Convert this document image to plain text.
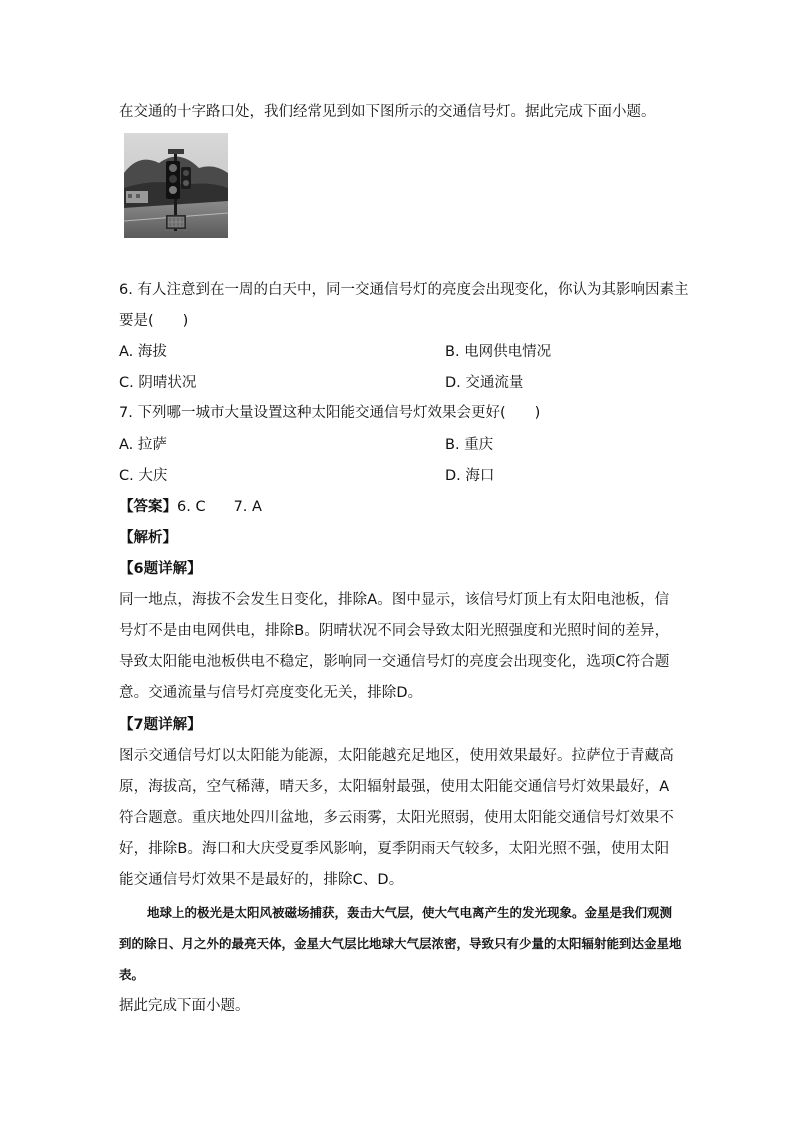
在交通的十字路口处，我们经常见到如下图所示的交通信号灯。据此完成下面小题。
6. 有人注意到在一周的白天中，同一交通信号灯的亮度会出现变化，你认为其影响因素主
要是(　　)
A. 海拔	B. 电网供电情况
C. 阴晴状况	D. 交通流量
7. 下列哪一城市大量设置这种太阳能交通信号灯效果会更好(　　)
A. 拉萨	B. 重庆
C. 大庆	D. 海口
【答案】6. C 7. A
【解析】
【6题详解】
同一地点，海拔不会发生日变化，排除A。图中显示，该信号灯顶上有太阳电池板，信号灯不是由电网供电，排除B。阴晴状况不同会导致太阳光照强度和光照时间的差异，导致太阳能电池板供电不稳定，影响同一交通信号灯的亮度会出现变化，选项C符合题意。交通流量与信号灯亮度变化无关，排除D。
【7题详解】
图示交通信号灯以太阳能为能源，太阳能越充足地区，使用效果最好。拉萨位于青藏高原，海拔高，空气稀薄，晴天多，太阳辐射最强，使用太阳能交通信号灯效果最好，A符合题意。重庆地处四川盆地，多云雨雾，太阳光照弱，使用太阳能交通信号灯效果不好，排除B。海口和大庆受夏季风影响，夏季阴雨天气较多，太阳光照不强，使用太阳能交通信号灯效果不是最好的，排除C、D。
地球上的极光是太阳风被磁场捕获，轰击大气层，使大气电离产生的发光现象。金星是我们观测到的除日、月之外的最亮天体，金星大气层比地球大气层浓密，导致只有少量的太阳辐射能到达金星地表。
据此完成下面小题。
